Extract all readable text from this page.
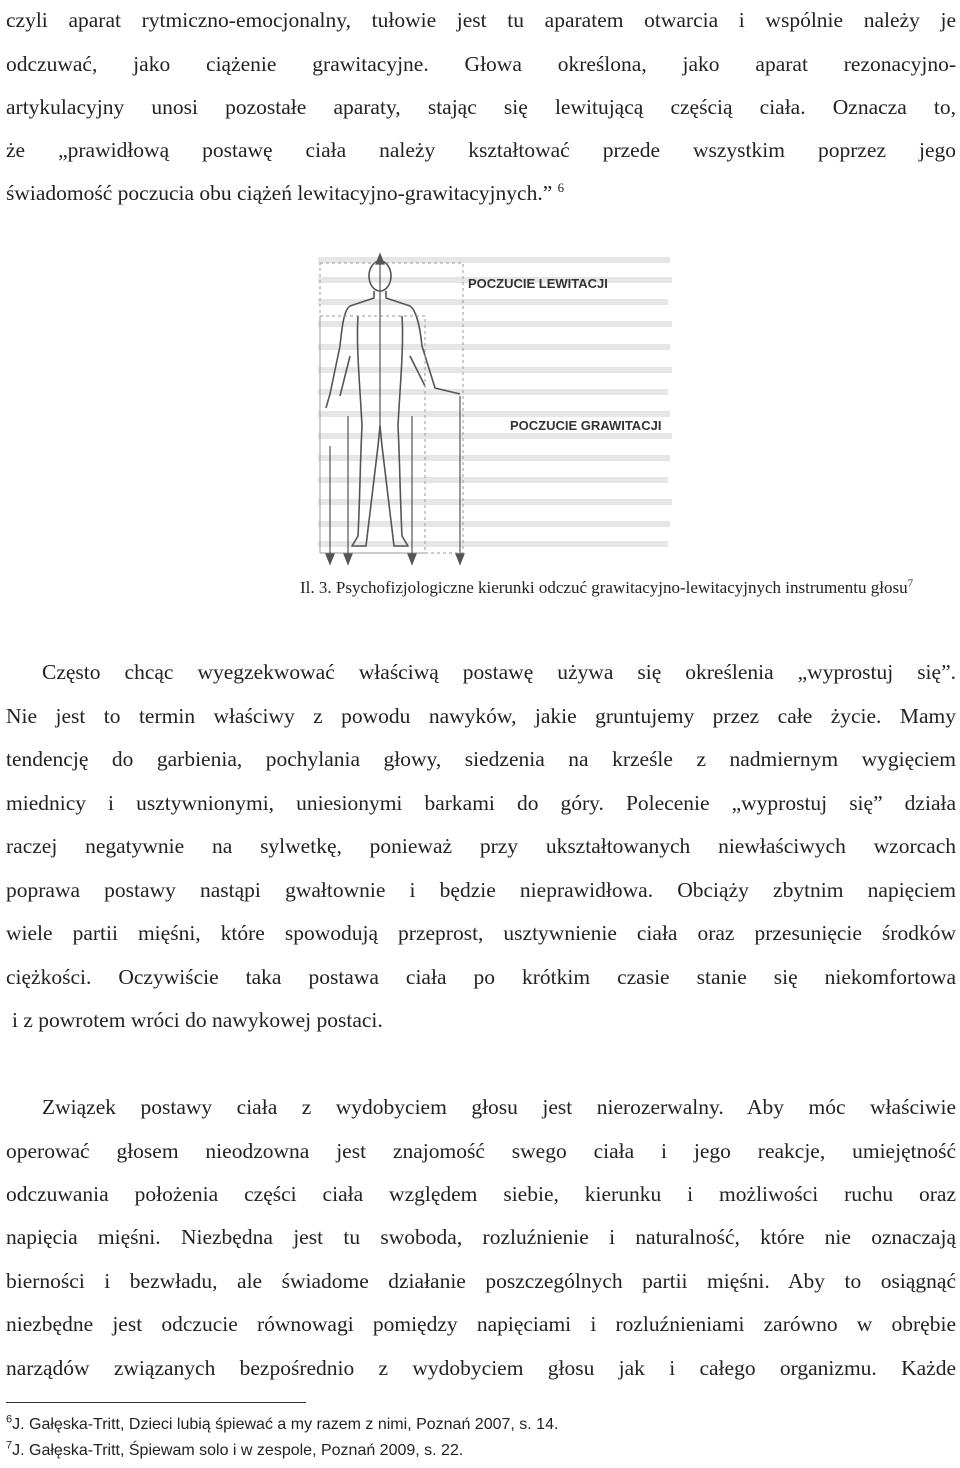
czyli aparat rytmiczno-emocjonalny, tułowie jest tu aparatem otwarcia i wspólnie należy je

odczuwać, jako ciążenie grawitacyjne. Głowa określona, jako aparat rezonacyjno-

artykulacyjny unosi pozostałe aparaty, stając się lewitującą częścią ciała. Oznacza to,

że „prawidłową postawę ciała należy kształtować przede wszystkim poprzez jego

świadomość poczucia obu ciążeń lewitacyjno-grawitacyjnych.” $^6$

POCZUCIE LEWITACJI
POCZUCIE GRAWITACJI
Il. 3. Psychofizjologiczne kierunki odczuć grawitacyjno-lewitacyjnych instrumentu głosu$^7$

Często chcąc wyegzekwować właściwą postawę używa się określenia „wyprostuj się”.

Nie jest to termin właściwy z powodu nawyków, jakie gruntujemy przez całe życie. Mamy

tendencję do garbienia, pochylania głowy, siedzenia na krześle z nadmiernym wygięciem

miednicy i usztywnionymi, uniesionymi barkami do góry. Polecenie „wyprostuj się” działa

raczej negatywnie na sylwetkę, ponieważ przy ukształtowanych niewłaściwych wzorcach

poprawa postawy nastąpi gwałtownie i będzie nieprawidłowa. Obciąży zbytnim napięciem

wiele partii mięśni, które spowodują przeprost, usztywnienie ciała oraz przesunięcie środków

ciężkości. Oczywiście taka postawa ciała po krótkim czasie stanie się niekomfortowa

i z powrotem wróci do nawykowej postaci.

Związek postawy ciała z wydobyciem głosu jest nierozerwalny. Aby móc właściwie

operować głosem nieodzowna jest znajomość swego ciała i jego reakcje, umiejętność

odczuwania położenia części ciała względem siebie, kierunku i możliwości ruchu oraz

napięcia mięśni. Niezbędna jest tu swoboda, rozluźnienie i naturalność, które nie oznaczają

bierności i bezwładu, ale świadome działanie poszczególnych partii mięśni. Aby to osiągnąć

niezbędne jest odczucie równowagi pomiędzy napięciami i rozluźnieniami zarówno w obrębie

narządów związanych bezpośrednio z wydobyciem głosu jak i całego organizmu. Każde

$^6$J. Gałęska-Tritt, Dzieci lubią śpiewać a my razem z nimi, Poznań 2007, s. 14.
$^7$J. Gałęska-Tritt, Śpiewam solo i w zespole, Poznań 2009, s. 22.
